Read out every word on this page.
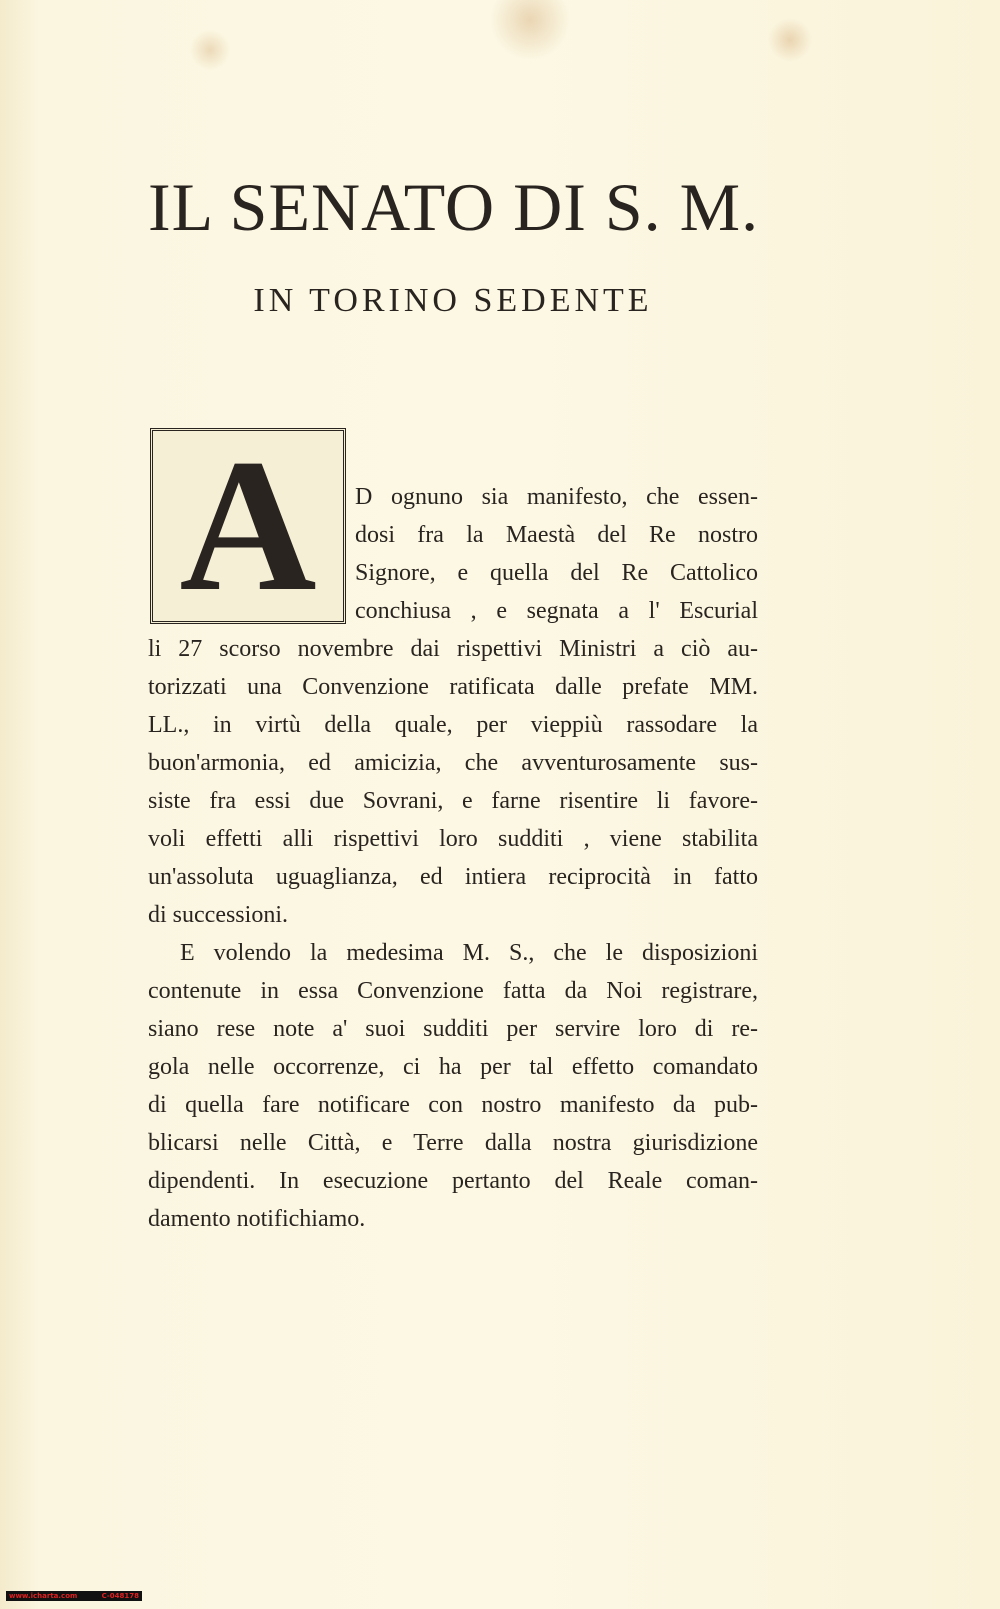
IL SENATO DI S. M.
IN TORINO SEDENTE
A D ognuno sia manifesto, che essen-
dosi fra la Maestà del Re nostro
Signore, e quella del Re Cattolico
conchiusa , e segnata a l' Escurial
li 27 scorso novembre dai rispettivi Ministri a ciò au-
torizzati una Convenzione ratificata dalle prefate MM.
LL., in virtù della quale, per vieppiù rassodare la
buon'armonia, ed amicizia, che avventurosamente sus-
siste fra essi due Sovrani, e farne risentire li favore-
voli effetti alli rispettivi loro sudditi , viene stabilita
un'assoluta uguaglianza, ed intiera reciprocità in fatto
di successioni.
E volendo la medesima M. S., che le disposizioni
contenute in essa Convenzione fatta da Noi registrare,
siano rese note a' suoi sudditi per servire loro di re-
gola nelle occorrenze, ci ha per tal effetto comandato
di quella fare notificare con nostro manifesto da pub-
blicarsi nelle Città, e Terre dalla nostra giurisdizione
dipendenti. In esecuzione pertanto del Reale coman-
damento notifichiamo.
www.icharta.com	C-048178
